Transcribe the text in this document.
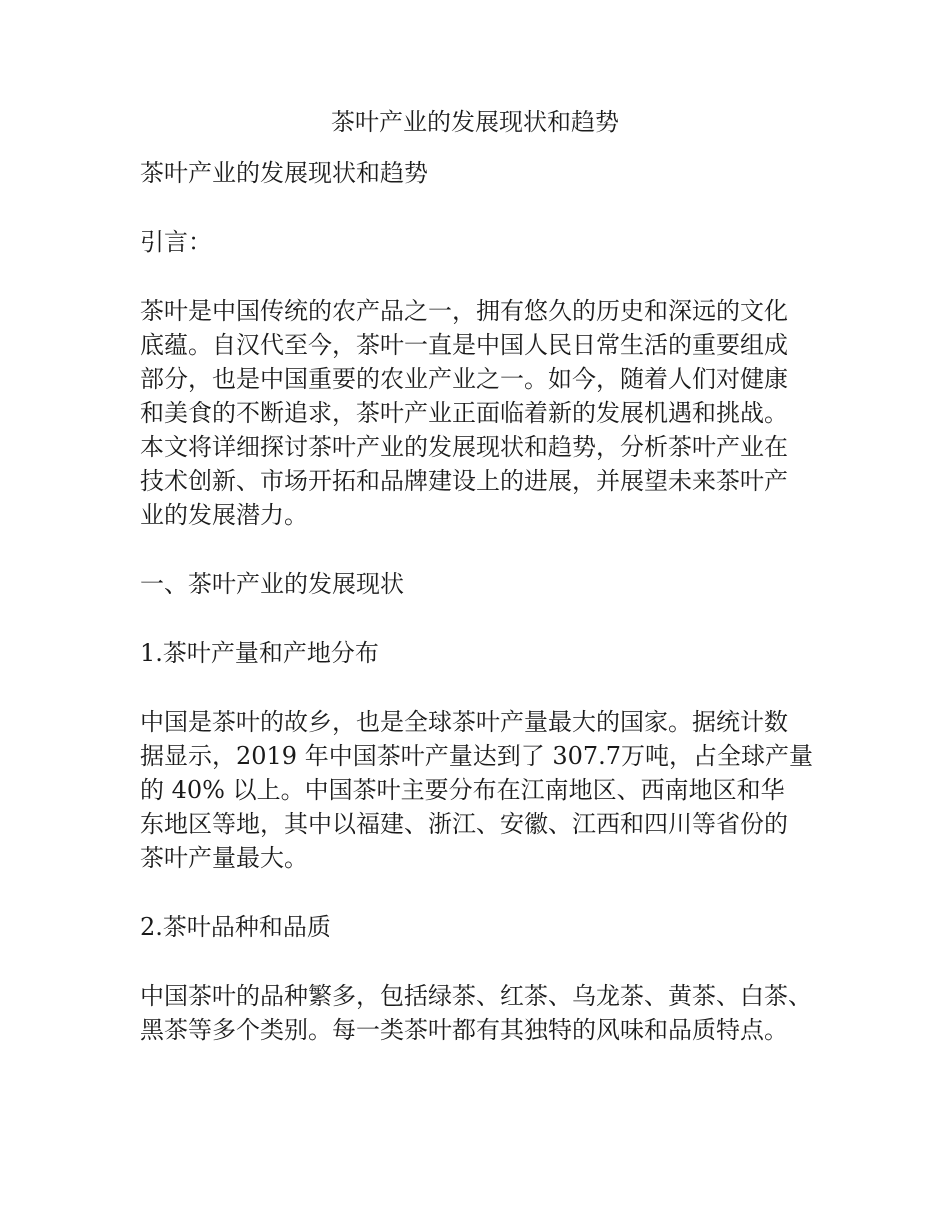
茶叶产业的发展现状和趋势
茶叶产业的发展现状和趋势
引言：
茶叶是中国传统的农产品之一，拥有悠久的历史和深远的文化
底蕴。自汉代至今，茶叶一直是中国人民日常生活的重要组成
部分，也是中国重要的农业产业之一。如今，随着人们对健康
和美食的不断追求，茶叶产业正面临着新的发展机遇和挑战。
本文将详细探讨茶叶产业的发展现状和趋势，分析茶叶产业在
技术创新、市场开拓和品牌建设上的进展，并展望未来茶叶产
业的发展潜力。
一、茶叶产业的发展现状
1.茶叶产量和产地分布
中国是茶叶的故乡，也是全球茶叶产量最大的国家。据统计数
据显示，2019 年中国茶叶产量达到了 307.7万吨，占全球产量
的 40% 以上。中国茶叶主要分布在江南地区、西南地区和华
东地区等地，其中以福建、浙江、安徽、江西和四川等省份的
茶叶产量最大。
2.茶叶品种和品质
中国茶叶的品种繁多，包括绿茶、红茶、乌龙茶、黄茶、白茶、
黑茶等多个类别。每一类茶叶都有其独特的风味和品质特点。
